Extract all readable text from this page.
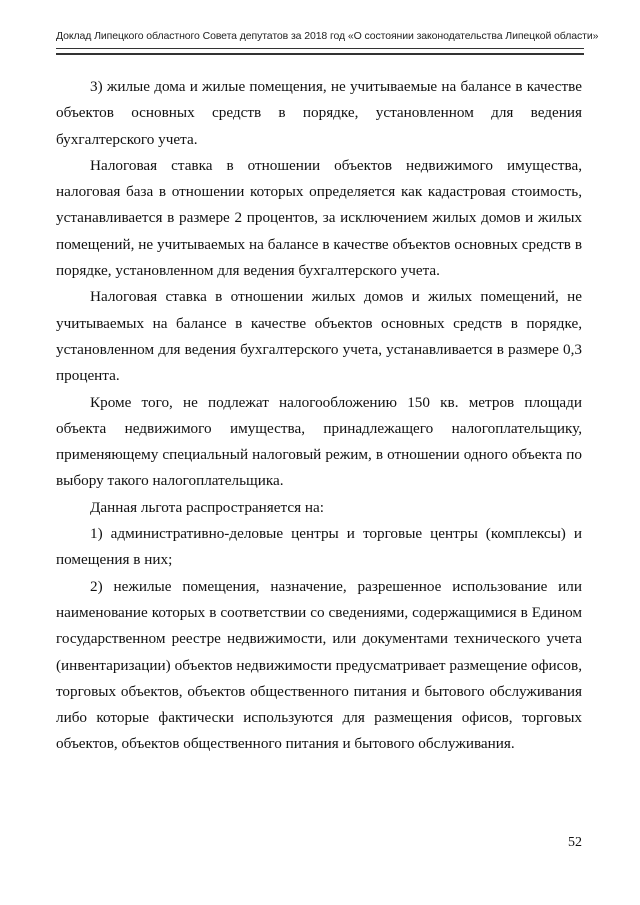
Доклад Липецкого областного Совета депутатов за 2018 год «О состоянии законодательства Липецкой области»

3) жилые дома и жилые помещения, не учитываемые на балансе в качестве объектов основных средств в порядке, установленном для ведения бухгалтерского учета.

Налоговая ставка в отношении объектов недвижимого имущества, налоговая база в отношении которых определяется как кадастровая стоимость, устанавливается в размере 2 процентов, за исключением жилых домов и жилых помещений, не учитываемых на балансе в качестве объектов основных средств в порядке, установленном для ведения бухгалтерского учета.

Налоговая ставка в отношении жилых домов и жилых помещений, не учитываемых на балансе в качестве объектов основных средств в порядке, установленном для ведения бухгалтерского учета, устанавливается в размере 0,3 процента.

Кроме того, не подлежат налогообложению 150 кв. метров площади объекта недвижимого имущества, принадлежащего налогоплательщику, применяющему специальный налоговый режим, в отношении одного объекта по выбору такого налогоплательщика.

Данная льгота распространяется на:

1) административно-деловые центры и торговые центры (комплексы) и помещения в них;

2) нежилые помещения, назначение, разрешенное использование или наименование которых в соответствии со сведениями, содержащимися в Едином государственном реестре недвижимости, или документами технического учета (инвентаризации) объектов недвижимости предусматривает размещение офисов, торговых объектов, объектов общественного питания и бытового обслуживания либо которые фактически используются для размещения офисов, торговых объектов, объектов общественного питания и бытового обслуживания.

52
